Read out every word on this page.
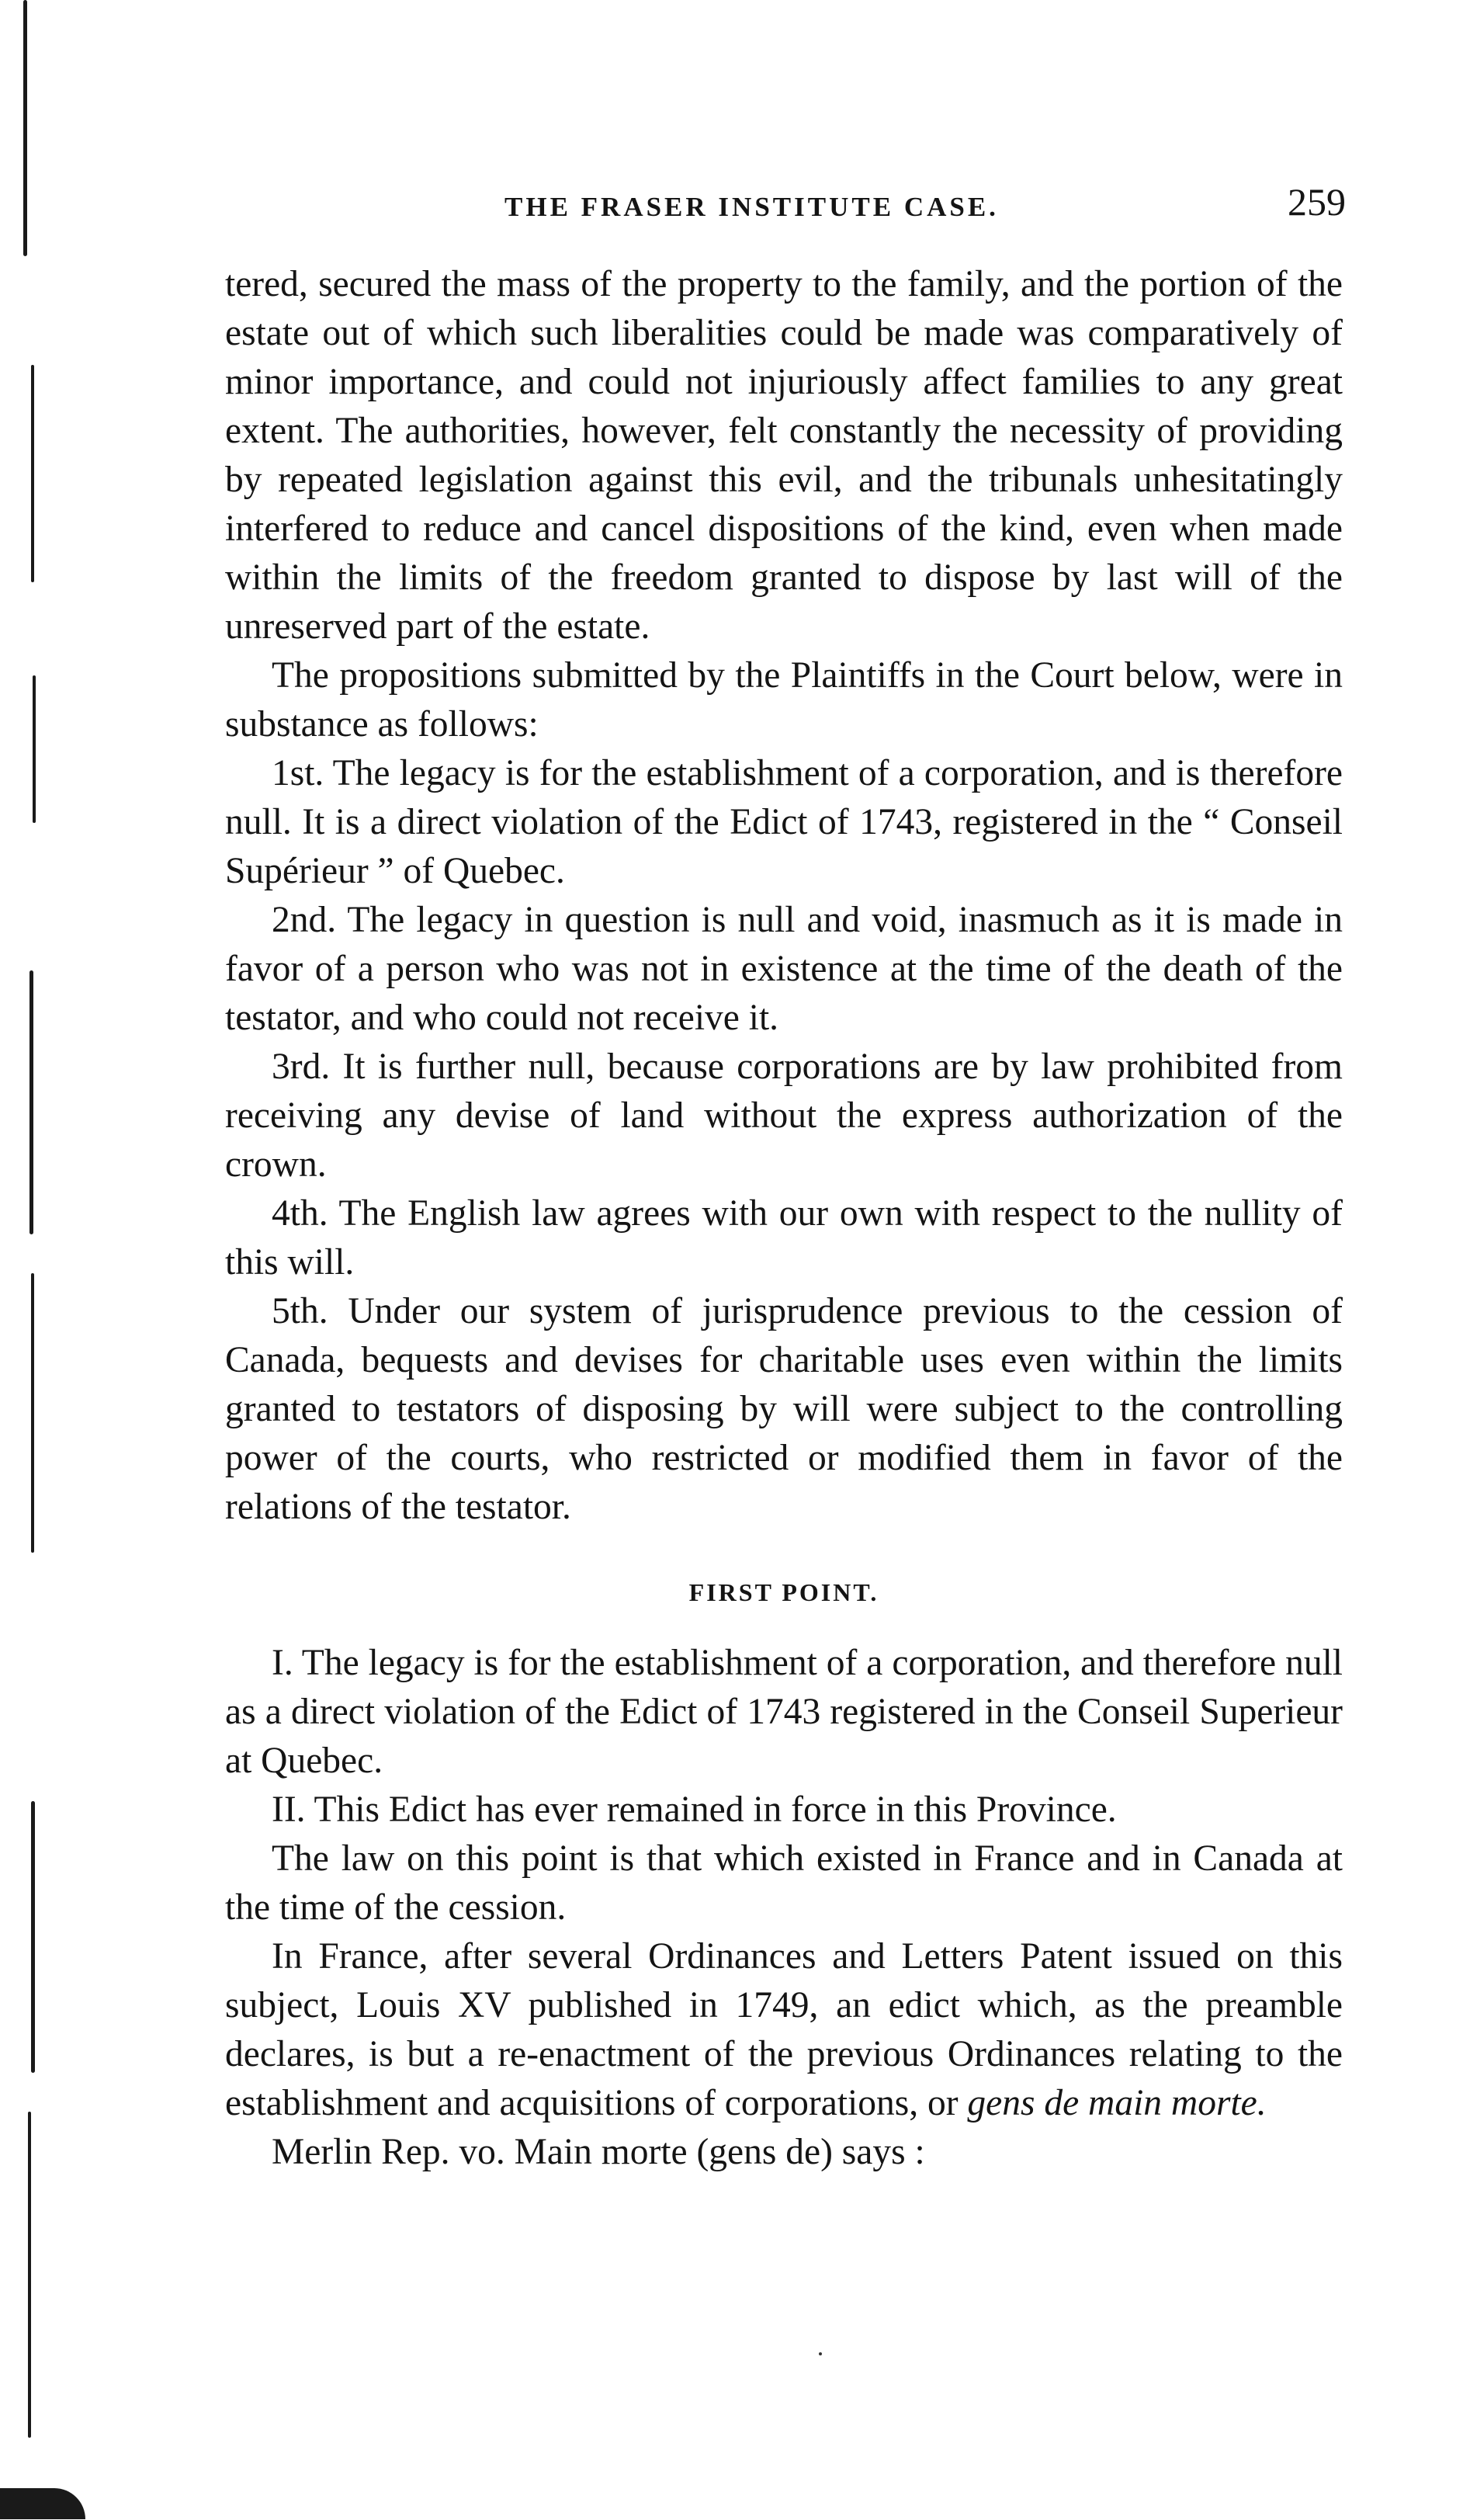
THE FRASER INSTITUTE CASE.	259

tered, secured the mass of the property to the family, and the portion of the estate out of which such liberalities could be made was comparatively of minor importance, and could not injuriously affect families to any great extent. The authorities, however, felt constantly the necessity of providing by repeated legislation against this evil, and the tribunals unhesitatingly interfered to reduce and cancel dispositions of the kind, even when made within the limits of the freedom granted to dispose by last will of the unreserved part of the estate.

The propositions submitted by the Plaintiffs in the Court below, were in substance as follows:

1st. The legacy is for the establishment of a corporation, and is therefore null. It is a direct violation of the Edict of 1743, registered in the “ Conseil Supérieur ” of Quebec.

2nd. The legacy in question is null and void, inasmuch as it is made in favor of a person who was not in existence at the time of the death of the testator, and who could not receive it.

3rd. It is further null, because corporations are by law prohibited from receiving any devise of land without the express authorization of the crown.

4th. The English law agrees with our own with respect to the nullity of this will.

5th. Under our system of jurisprudence previous to the cession of Canada, bequests and devises for charitable uses even within the limits granted to testators of disposing by will were subject to the controlling power of the courts, who restricted or modified them in favor of the relations of the testator.

FIRST POINT.

I. The legacy is for the establishment of a corporation, and therefore null as a direct violation of the Edict of 1743 registered in the Conseil Superieur at Quebec.

II. This Edict has ever remained in force in this Province.

The law on this point is that which existed in France and in Canada at the time of the cession.

In France, after several Ordinances and Letters Patent issued on this subject, Louis XV published in 1749, an edict which, as the preamble declares, is but a re-enactment of the previous Ordinances relating to the establishment and acquisitions of corporations, or gens de main morte.

Merlin Rep. vo. Main morte (gens de) says :
